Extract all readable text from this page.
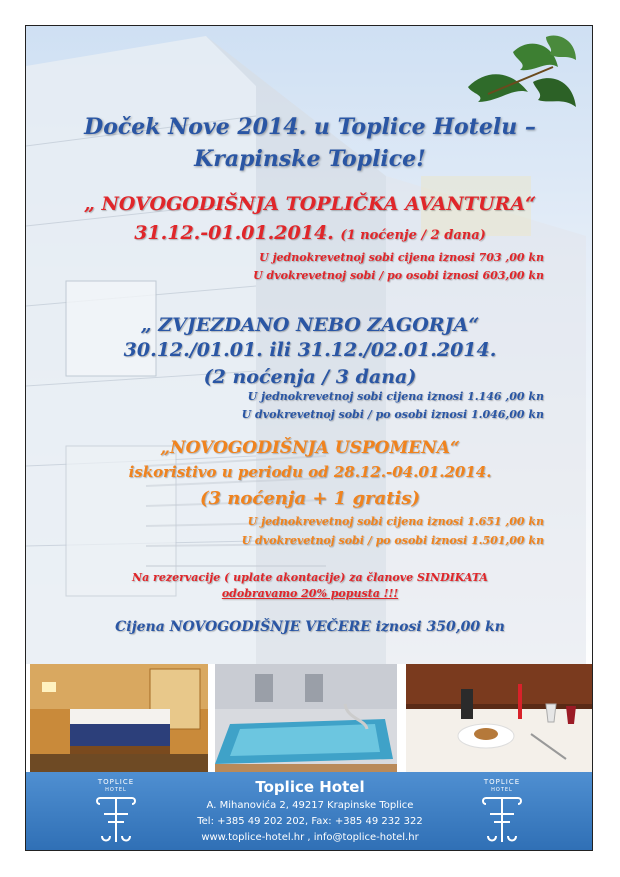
Doček Nove 2014. u Toplice Hotelu –
Krapinske Toplice!
„ NOVOGODIŠNJA TOPLIČKA AVANTURA“
31.12.-01.01.2014. (1 noćenje / 2 dana)
U jednokrevetnoj sobi cijena iznosi 703 ,00 kn
U dvokrevetnoj sobi / po osobi iznosi 603,00 kn
„ ZVJEZDANO NEBO ZAGORJA“
30.12./01.01. ili 31.12./02.01.2014.
(2 noćenja / 3 dana)
U jednokrevetnoj sobi cijena iznosi 1.146 ,00 kn
U dvokrevetnoj sobi / po osobi iznosi 1.046,00 kn
„NOVOGODIŠNJA USPOMENA“
iskoristivo u periodu od 28.12.-04.01.2014.
(3 noćenja + 1 gratis)
U jednokrevetnoj sobi cijena iznosi 1.651 ,00 kn
U dvokrevetnoj sobi / po osobi iznosi 1.501,00 kn
Na rezervacije ( uplate akontacije) za članove SINDIKATA
odobravamo 20% popusta !!!
Cijena NOVOGODIŠNJE VEČERE iznosi 350,00 kn
TOPLICE
HOTEL
TOPLICE
HOTEL
Toplice Hotel
A. Mihanovića 2, 49217 Krapinske Toplice
Tel: +385 49 202 202, Fax: +385 49 232 322
www.toplice-hotel.hr , info@toplice-hotel.hr
